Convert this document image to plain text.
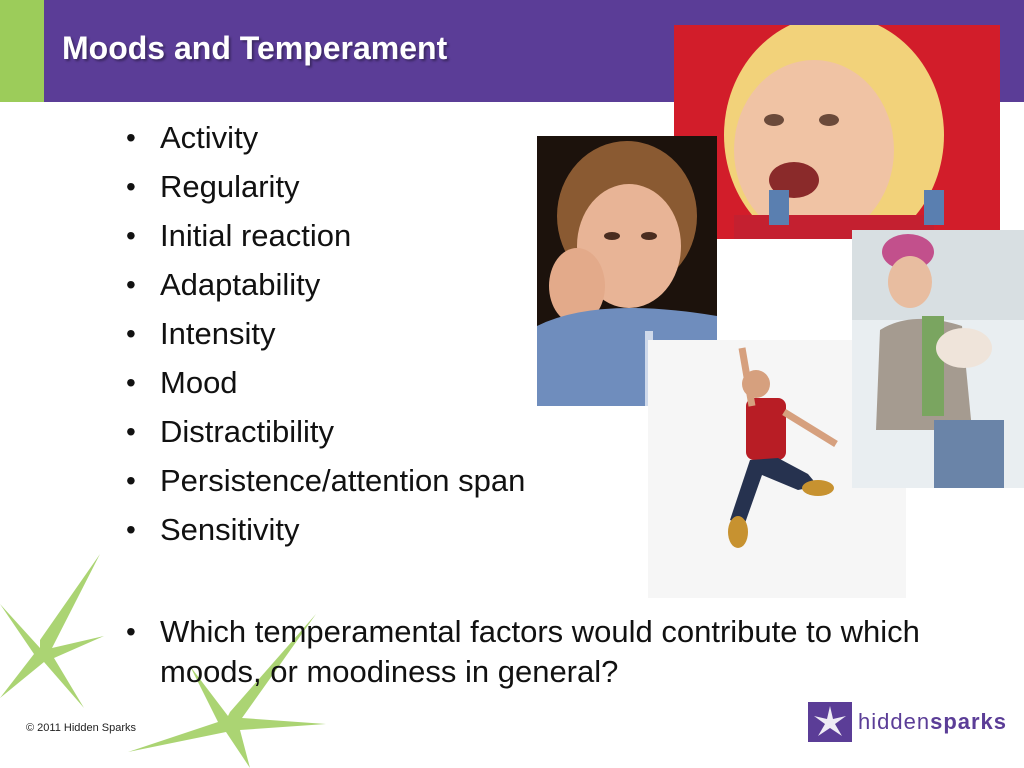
Moods and Temperament
• Activity
• Regularity
• Initial reaction
• Adaptability
• Intensity
• Mood
• Distractibility
• Persistence/attention span
• Sensitivity
• Which temperamental factors would contribute to which moods, or moodiness in general?
© 2011 Hidden Sparks	hiddensparks
